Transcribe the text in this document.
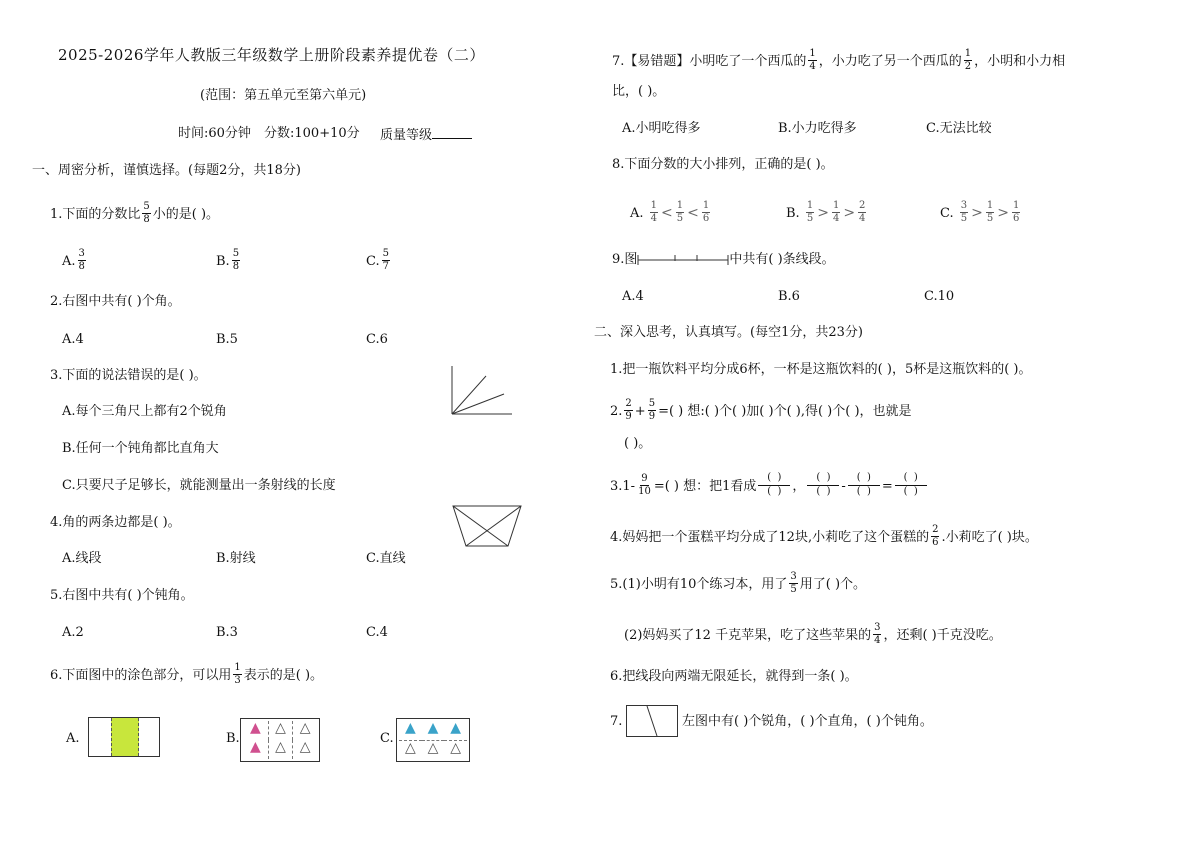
2025-2026学年人教版三年级数学上册阶段素养提优卷（二）
(范围：第五单元至第六单元)
时间:60分钟 分数:100+10分 质量等级
一、周密分析，谨慎选择。(每题2分，共18分)
1.下面的分数比 $\frac{5}{8}$ 小的是( )。
A. $\frac{3}{8}$	B. $\frac{5}{8}$	C. $\frac{5}{7}$
2.右图中共有( )个角。
A.4	B.5	C.6
3.下面的说法错误的是( )。
A.每个三角尺上都有2个锐角
B.任何一个钝角都比直角大
C.只要尺子足够长，就能测量出一条射线的长度
4.角的两条边都是( )。
A.线段	B.射线	C.直线
5.右图中共有( )个钝角。
A.2	B.3	C.4
6.下面图中的涂色部分，可以用 $\frac{1}{3}$ 表示的是( )。
A.	B.
▲	△ △
▲	△ △
C.
▲ ▲ ▲
△ △ △
7.【易错题】小明吃了一个西瓜的 $\frac{1}{4}$ ，小力吃了另一个西瓜的 $\frac{1}{2}$ ，小明和小力相
比，( )。
A.小明吃得多	B.小力吃得多	C.无法比较
8.下面分数的大小排列，正确的是( )。
A. $\frac{1}{4} < \frac{1}{5} < \frac{1}{6}$	B. $\frac{1}{5} > \frac{1}{4} > \frac{2}{4}$	C. $\frac{3}{5} > \frac{1}{5} > \frac{1}{6}$
9.图	中共有( )条线段。
A.4	B.6	C.10
二、深入思考，认真填写。(每空1分，共23分)
1.把一瓶饮料平均分成6杯，一杯是这瓶饮料的( )，5杯是这瓶饮料的( )。
2. $\frac{2}{9} + \frac{5}{9}$ =( ) 想:( )个( )加( )个( ),得( )个( )，也就是
( )。
$3.1- \frac{9}{10}$ =( ) 想：把1看成 $\frac{( )}{( )}$ ， $\frac{( )}{( )} - \frac{( )}{( )} = \frac{( )}{( )}$
4.妈妈把一个蛋糕平均分成了12块,小莉吃了这个蛋糕的 $\frac{2}{6}$ .小莉吃了( )块。
5.(1)小明有10个练习本，用了 $\frac{3}{5}$ 用了( )个。
(2)妈妈买了12 千克苹果，吃了这些苹果的 $\frac{3}{4}$ ，还剩( )千克没吃。
6.把线段向两端无限延长，就得到一条( )。
7.	左图中有( )个锐角，( )个直角，( )个钝角。
